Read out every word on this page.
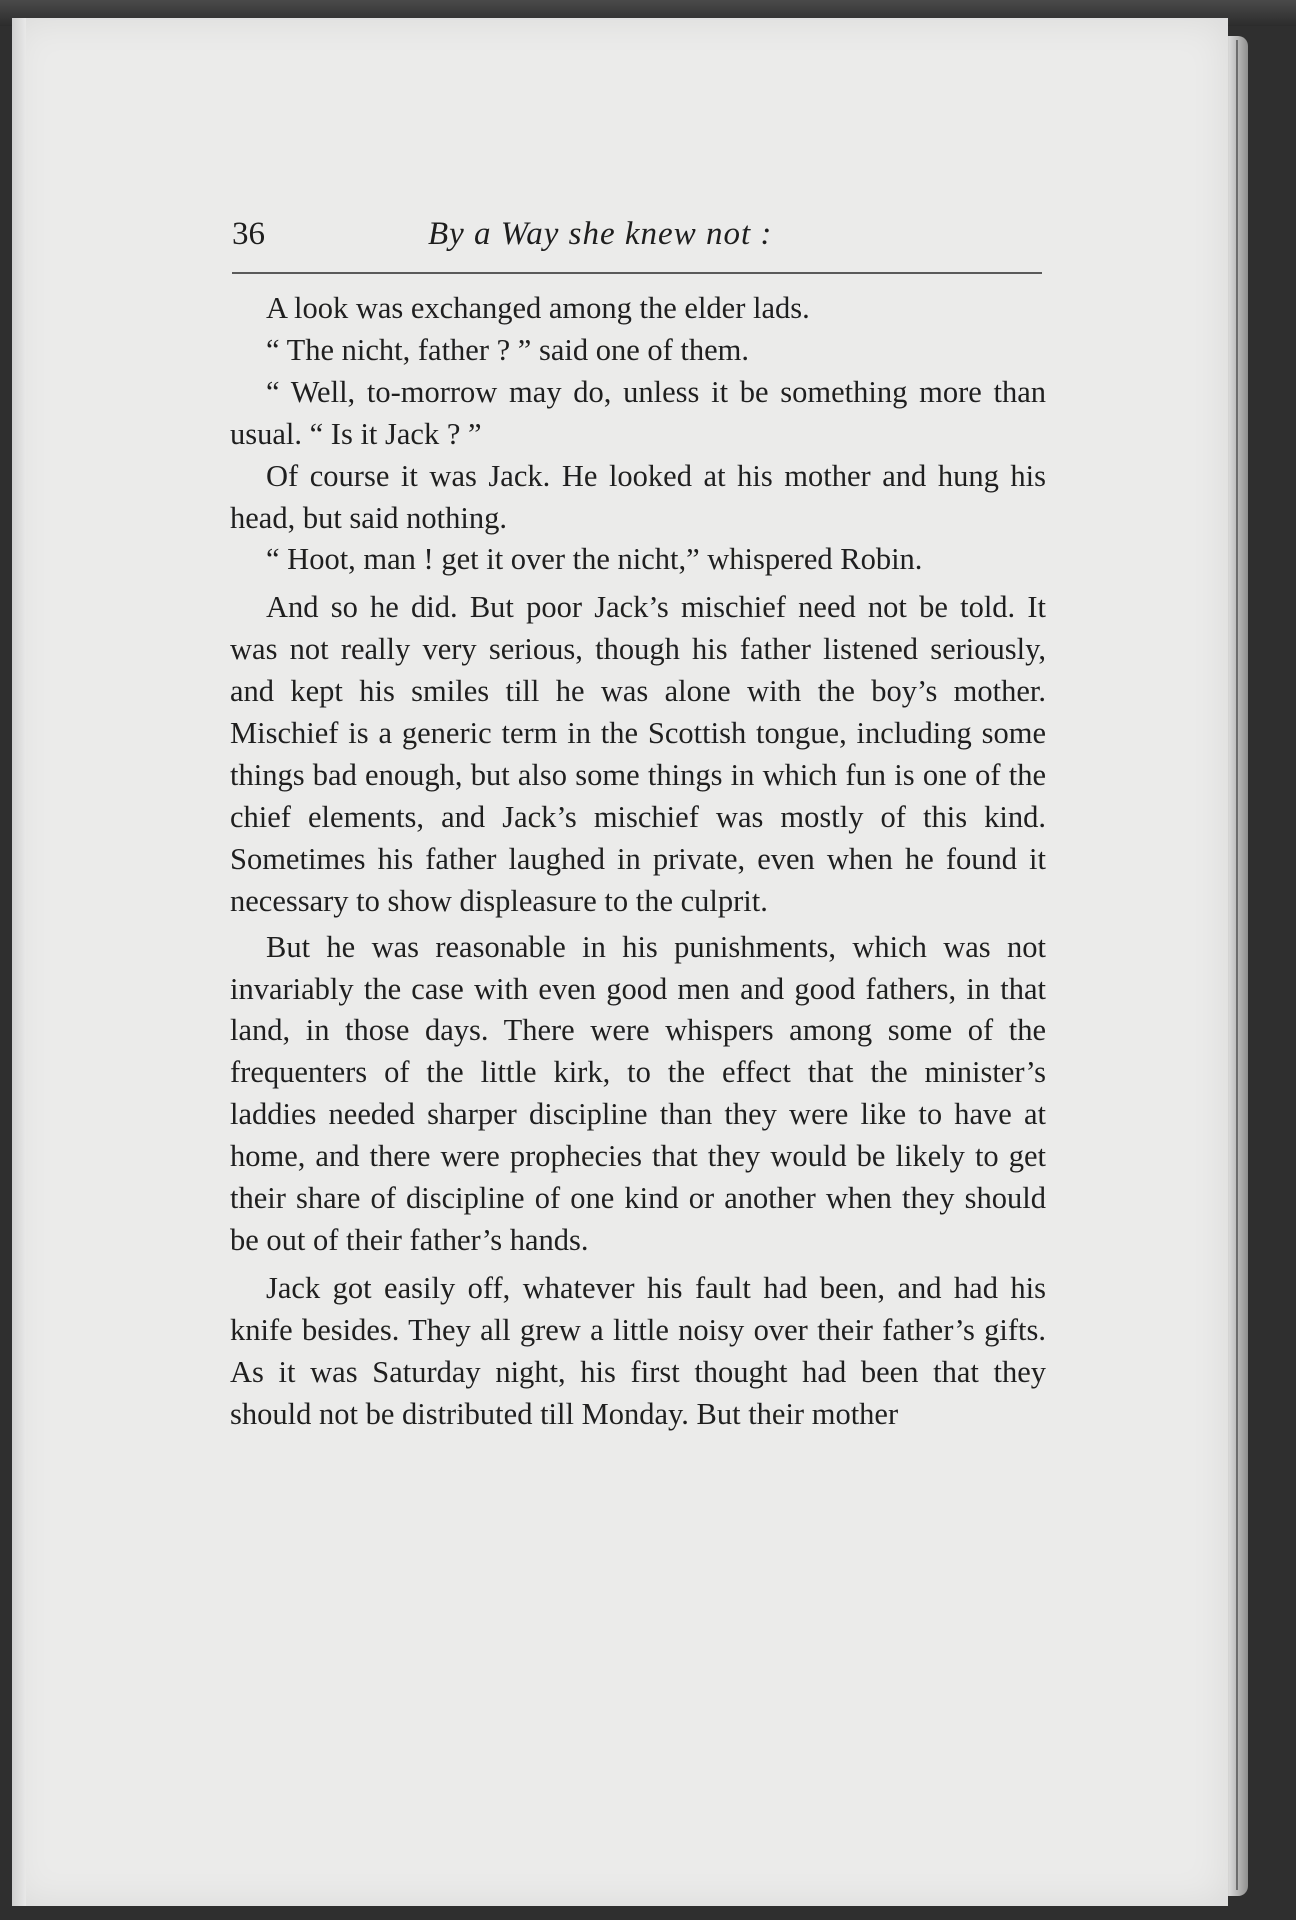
36	By a Way she knew not :

A look was exchanged among the elder lads.

“ The nicht, father ? ” said one of them.

“ Well, to-morrow may do, unless it be something more than usual. “ Is it Jack ? ”

Of course it was Jack. He looked at his mother and hung his head, but said nothing.

“ Hoot, man ! get it over the nicht,” whispered Robin.

And so he did. But poor Jack’s mischief need not be told. It was not really very serious, though his father listened seriously, and kept his smiles till he was alone with the boy’s mother. Mischief is a generic term in the Scottish tongue, including some things bad enough, but also some things in which fun is one of the chief elements, and Jack’s mischief was mostly of this kind. Sometimes his father laughed in private, even when he found it necessary to show displeasure to the culprit.

But he was reasonable in his punishments, which was not invariably the case with even good men and good fathers, in that land, in those days. There were whispers among some of the frequenters of the little kirk, to the effect that the minister’s laddies needed sharper discipline than they were like to have at home, and there were prophecies that they would be likely to get their share of discipline of one kind or another when they should be out of their father’s hands.

Jack got easily off, whatever his fault had been, and had his knife besides. They all grew a little noisy over their father’s gifts. As it was Saturday night, his first thought had been that they should not be distributed till Monday. But their mother
